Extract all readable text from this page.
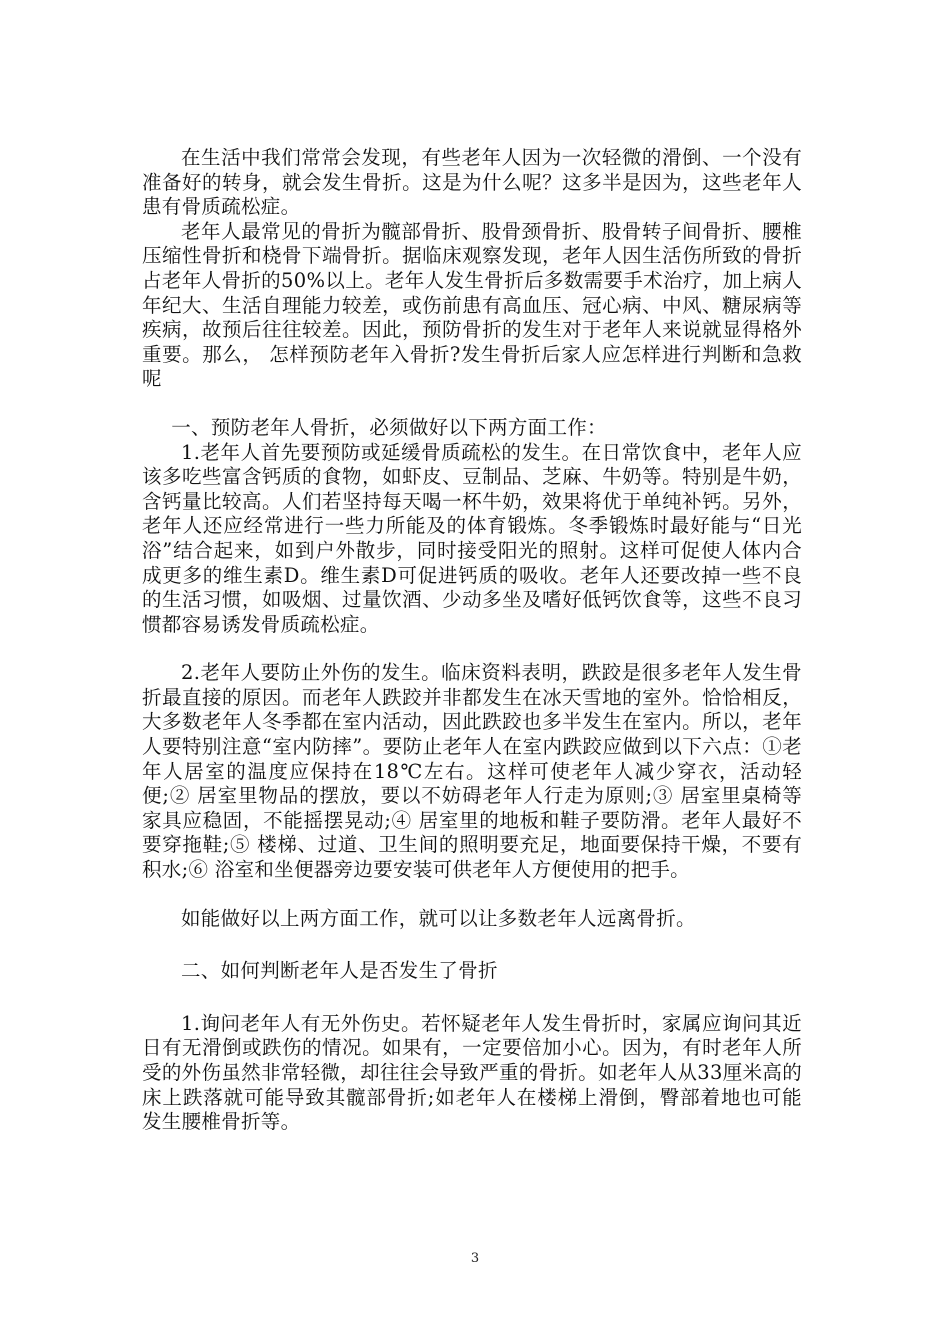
在生活中我们常常会发现，有些老年人因为一次轻微的滑倒、一个没有准备好的转身，就会发生骨折。这是为什么呢？这多半是因为，这些老年人患有骨质疏松症。

老年人最常见的骨折为髋部骨折、股骨颈骨折、股骨转子间骨折、腰椎压缩性骨折和桡骨下端骨折。据临床观察发现，老年人因生活伤所致的骨折占老年人骨折的50%以上。老年人发生骨折后多数需要手术治疗，加上病人年纪大、生活自理能力较差，或伤前患有高血压、冠心病、中风、糖尿病等疾病，故预后往往较差。因此，预防骨折的发生对于老年人来说就显得格外重要。那么， 怎样预防老年入骨折?发生骨折后家人应怎样进行判断和急救呢

一、预防老年人骨折，必须做好以下两方面工作：

1.老年人首先要预防或延缓骨质疏松的发生。在日常饮食中，老年人应该多吃些富含钙质的食物，如虾皮、豆制品、芝麻、牛奶等。特别是牛奶，含钙量比较高。人们若坚持每天喝一杯牛奶，效果将优于单纯补钙。另外，老年人还应经常进行一些力所能及的体育锻炼。冬季锻炼时最好能与“日光浴”结合起来，如到户外散步，同时接受阳光的照射。这样可促使人体内合成更多的维生素D。维生素D可促进钙质的吸收。老年人还要改掉一些不良的生活习惯，如吸烟、过量饮酒、少动多坐及嗜好低钙饮食等，这些不良习惯都容易诱发骨质疏松症。

2.老年人要防止外伤的发生。临床资料表明，跌跤是很多老年人发生骨折最直接的原因。而老年人跌跤并非都发生在冰天雪地的室外。恰恰相反，大多数老年人冬季都在室内活动，因此跌跤也多半发生在室内。所以，老年人要特别注意“室内防摔”。要防止老年人在室内跌跤应做到以下六点：①老年人居室的温度应保持在18℃左右。这样可使老年人减少穿衣，活动轻便;② 居室里物品的摆放，要以不妨碍老年人行走为原则;③ 居室里桌椅等家具应稳固，不能摇摆晃动;④ 居室里的地板和鞋子要防滑。老年人最好不要穿拖鞋;⑤ 楼梯、过道、卫生间的照明要充足，地面要保持干燥，不要有积水;⑥ 浴室和坐便器旁边要安装可供老年人方便使用的把手。

如能做好以上两方面工作，就可以让多数老年人远离骨折。

二、如何判断老年人是否发生了骨折

1.询问老年人有无外伤史。若怀疑老年人发生骨折时，家属应询问其近日有无滑倒或跌伤的情况。如果有，一定要倍加小心。因为，有时老年人所受的外伤虽然非常轻微，却往往会导致严重的骨折。如老年人从33厘米高的床上跌落就可能导致其髋部骨折;如老年人在楼梯上滑倒，臀部着地也可能发生腰椎骨折等。

3
